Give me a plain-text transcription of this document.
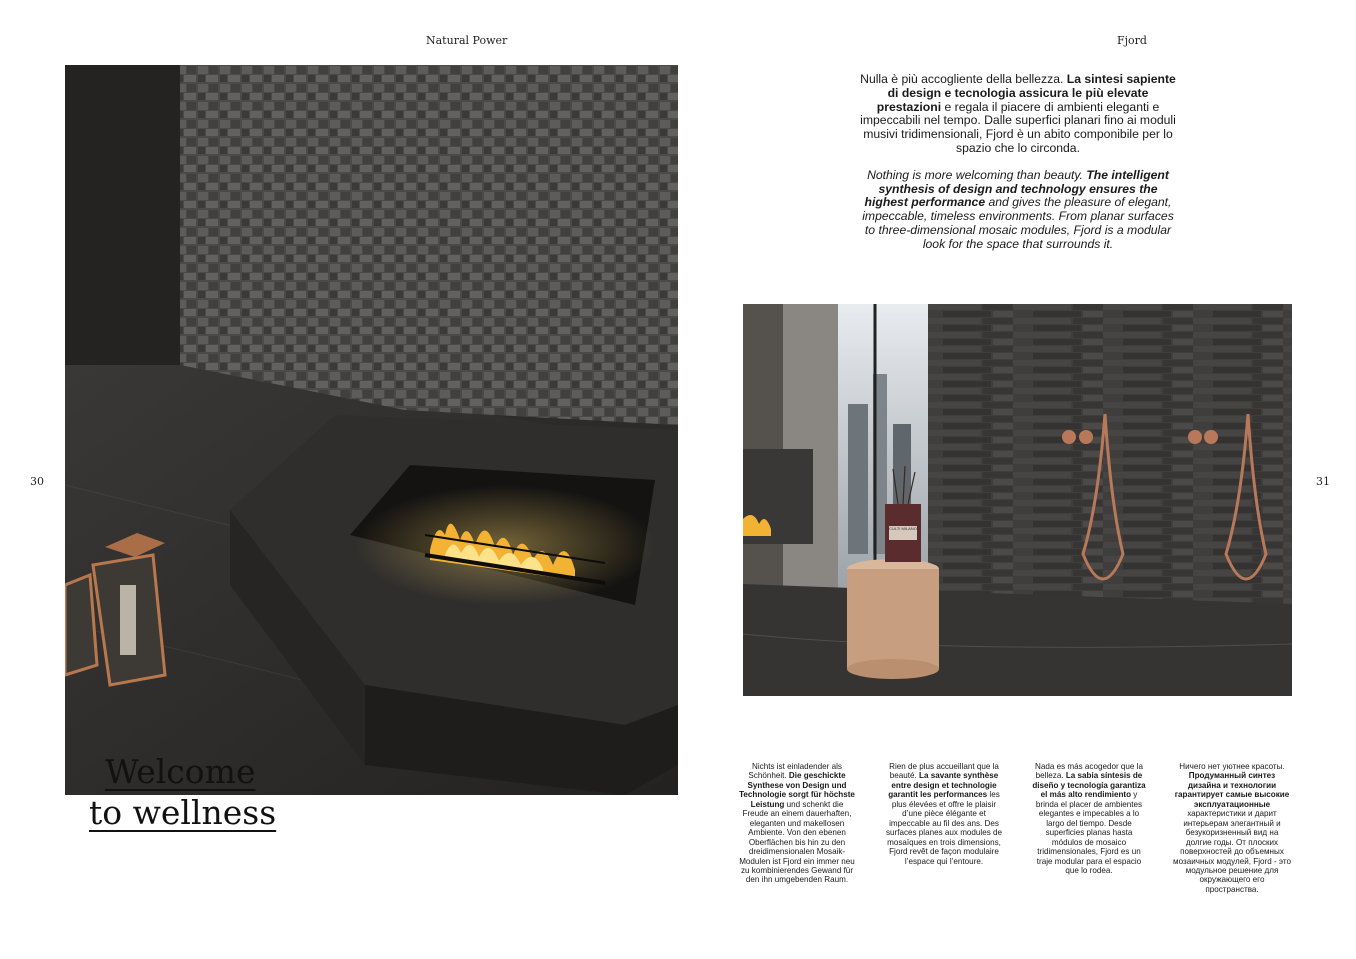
Natural Power	Fjord
30	31
Welcome
to wellness

Nulla è più accogliente della bellezza. La sintesi sapiente di design e tecnologia assicura le più elevate prestazioni e regala il piacere di ambienti eleganti e impeccabili nel tempo. Dalle superfici planari fino ai moduli musivi tridimensionali, Fjord è un abito componibile per lo spazio che lo circonda.

Nothing is more welcoming than beauty. The intelligent synthesis of design and technology ensures the highest performance and gives the pleasure of elegant, impeccable, timeless environments. From planar surfaces to three-dimensional mosaic modules, Fjord is a modular look for the space that surrounds it.

CULTI MILANO
Nichts ist einladender als Schönheit. Die geschickte Synthese von Design und Technologie sorgt für höchste Leistung und schenkt die Freude an einem dauerhaften, eleganten und makellosen Ambiente. Von den ebenen Oberflächen bis hin zu den dreidimensionalen Mosaik-Modulen ist Fjord ein immer neu zu kombinierendes Gewand für den ihn umgebenden Raum.
Rien de plus accueillant que la beauté. La savante synthèse entre design et technologie garantit les performances les plus élevées et offre le plaisir d’une pièce élégante et impeccable au fil des ans. Des surfaces planes aux modules de mosaïques en trois dimensions, Fjord revêt de façon modulaire l’espace qui l’entoure.
Nada es más acogedor que la belleza. La sabia síntesis de diseño y tecnología garantiza el más alto rendimiento y brinda el placer de ambientes elegantes e impecables a lo largo del tiempo. Desde superficies planas hasta módulos de mosaico tridimensionales, Fjord es un traje modular para el espacio que lo rodea.
Ничего нет уютнее красоты. Продуманный синтез дизайна и технологии гарантирует самые высокие эксплуатационные характеристики и дарит интерьерам элегантный и безукоризненный вид на долгие годы. От плоских поверхностей до объемных мозаичных модулей, Fjord - это модульное решение для окружающего его пространства.
